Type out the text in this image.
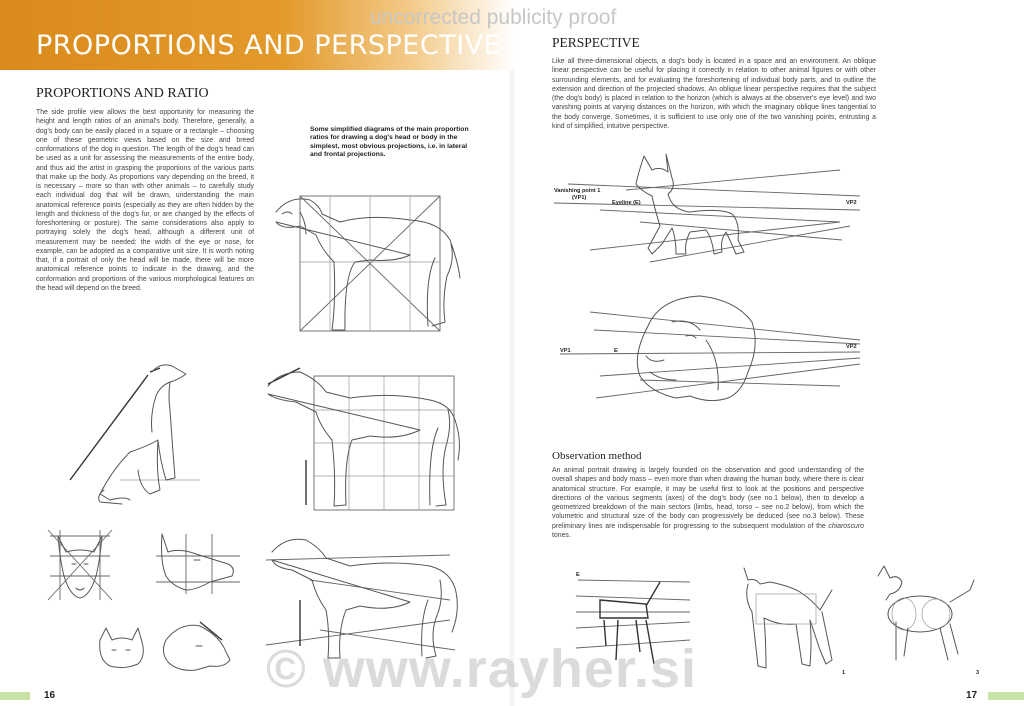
PROPORTIONS AND PERSPECTIVE
uncorrected publicity proof
PROPORTIONS AND RATIO

The side profile view allows the best opportunity for measuring the height and length ratios of an animal's body. Therefore, generally, a dog's body can be easily placed in a square or a rectangle – choosing one of these geometric views based on the size and breed conformations of the dog in question. The length of the dog's head can be used as a unit for assessing the measurements of the entire body, and thus aid the artist in grasping the proportions of the various parts that make up the body. As proportions vary depending on the breed, it is necessary – more so than with other animals – to carefully study each individual dog that will be drawn, understanding the main anatomical reference points (especially as they are often hidden by the length and thickness of the dog's fur, or are changed by the effects of foreshortening or posture). The same considerations also apply to portraying solely the dog's head, although a different unit of measurement may be needed: the width of the eye or nose, for example, can be adopted as a comparative unit size. It is worth noting that, if a portrait of only the head will be made, there will be more anatomical reference points to indicate in the drawing, and the conformation and proportions of the various morphological features on the head will depend on the breed.

Some simplified diagrams of the main proportion ratios for drawing a dog's head or body in the simplest, most obvious projections, i.e. in lateral and frontal projections.

PERSPECTIVE

Like all three-dimensional objects, a dog's body is located in a space and an environment. An oblique linear perspective can be useful for placing it correctly in relation to other animal figures or with other surrounding elements, and for evaluating the foreshortening of individual body parts, and to outline the extension and direction of the projected shadows. An oblique linear perspective requires that the subject (the dog's body) is placed in relation to the horizon (which is always at the observer's eye level) and two vanishing points at varying distances on the horizon, with which the imaginary oblique lines tangential to the body converge. Sometimes, it is sufficient to use only one of the two vanishing points, entrusting a kind of simplified, intuitive perspective.

Observation method

An animal portrait drawing is largely founded on the observation and good understanding of the overall shapes and body mass – even more than when drawing the human body, where there is clear anatomical structure. For example, it may be useful first to look at the positions and perspective directions of the various segments (axes) of the dog's body (see no.1 below), then to develop a geometrized breakdown of the main sectors (limbs, head, torso – see no.2 below), from which the volumetric and structural size of the body can progressively be deduced (see no.3 below). These preliminary lines are indispensable for progressing to the subsequent modulation of the chiaroscuro tones.

Vanishing point 1
(VP1)
Eyeline (E)	VP2
VP1	E
VP2
E
1	3
16	17
© www.rayher.si
